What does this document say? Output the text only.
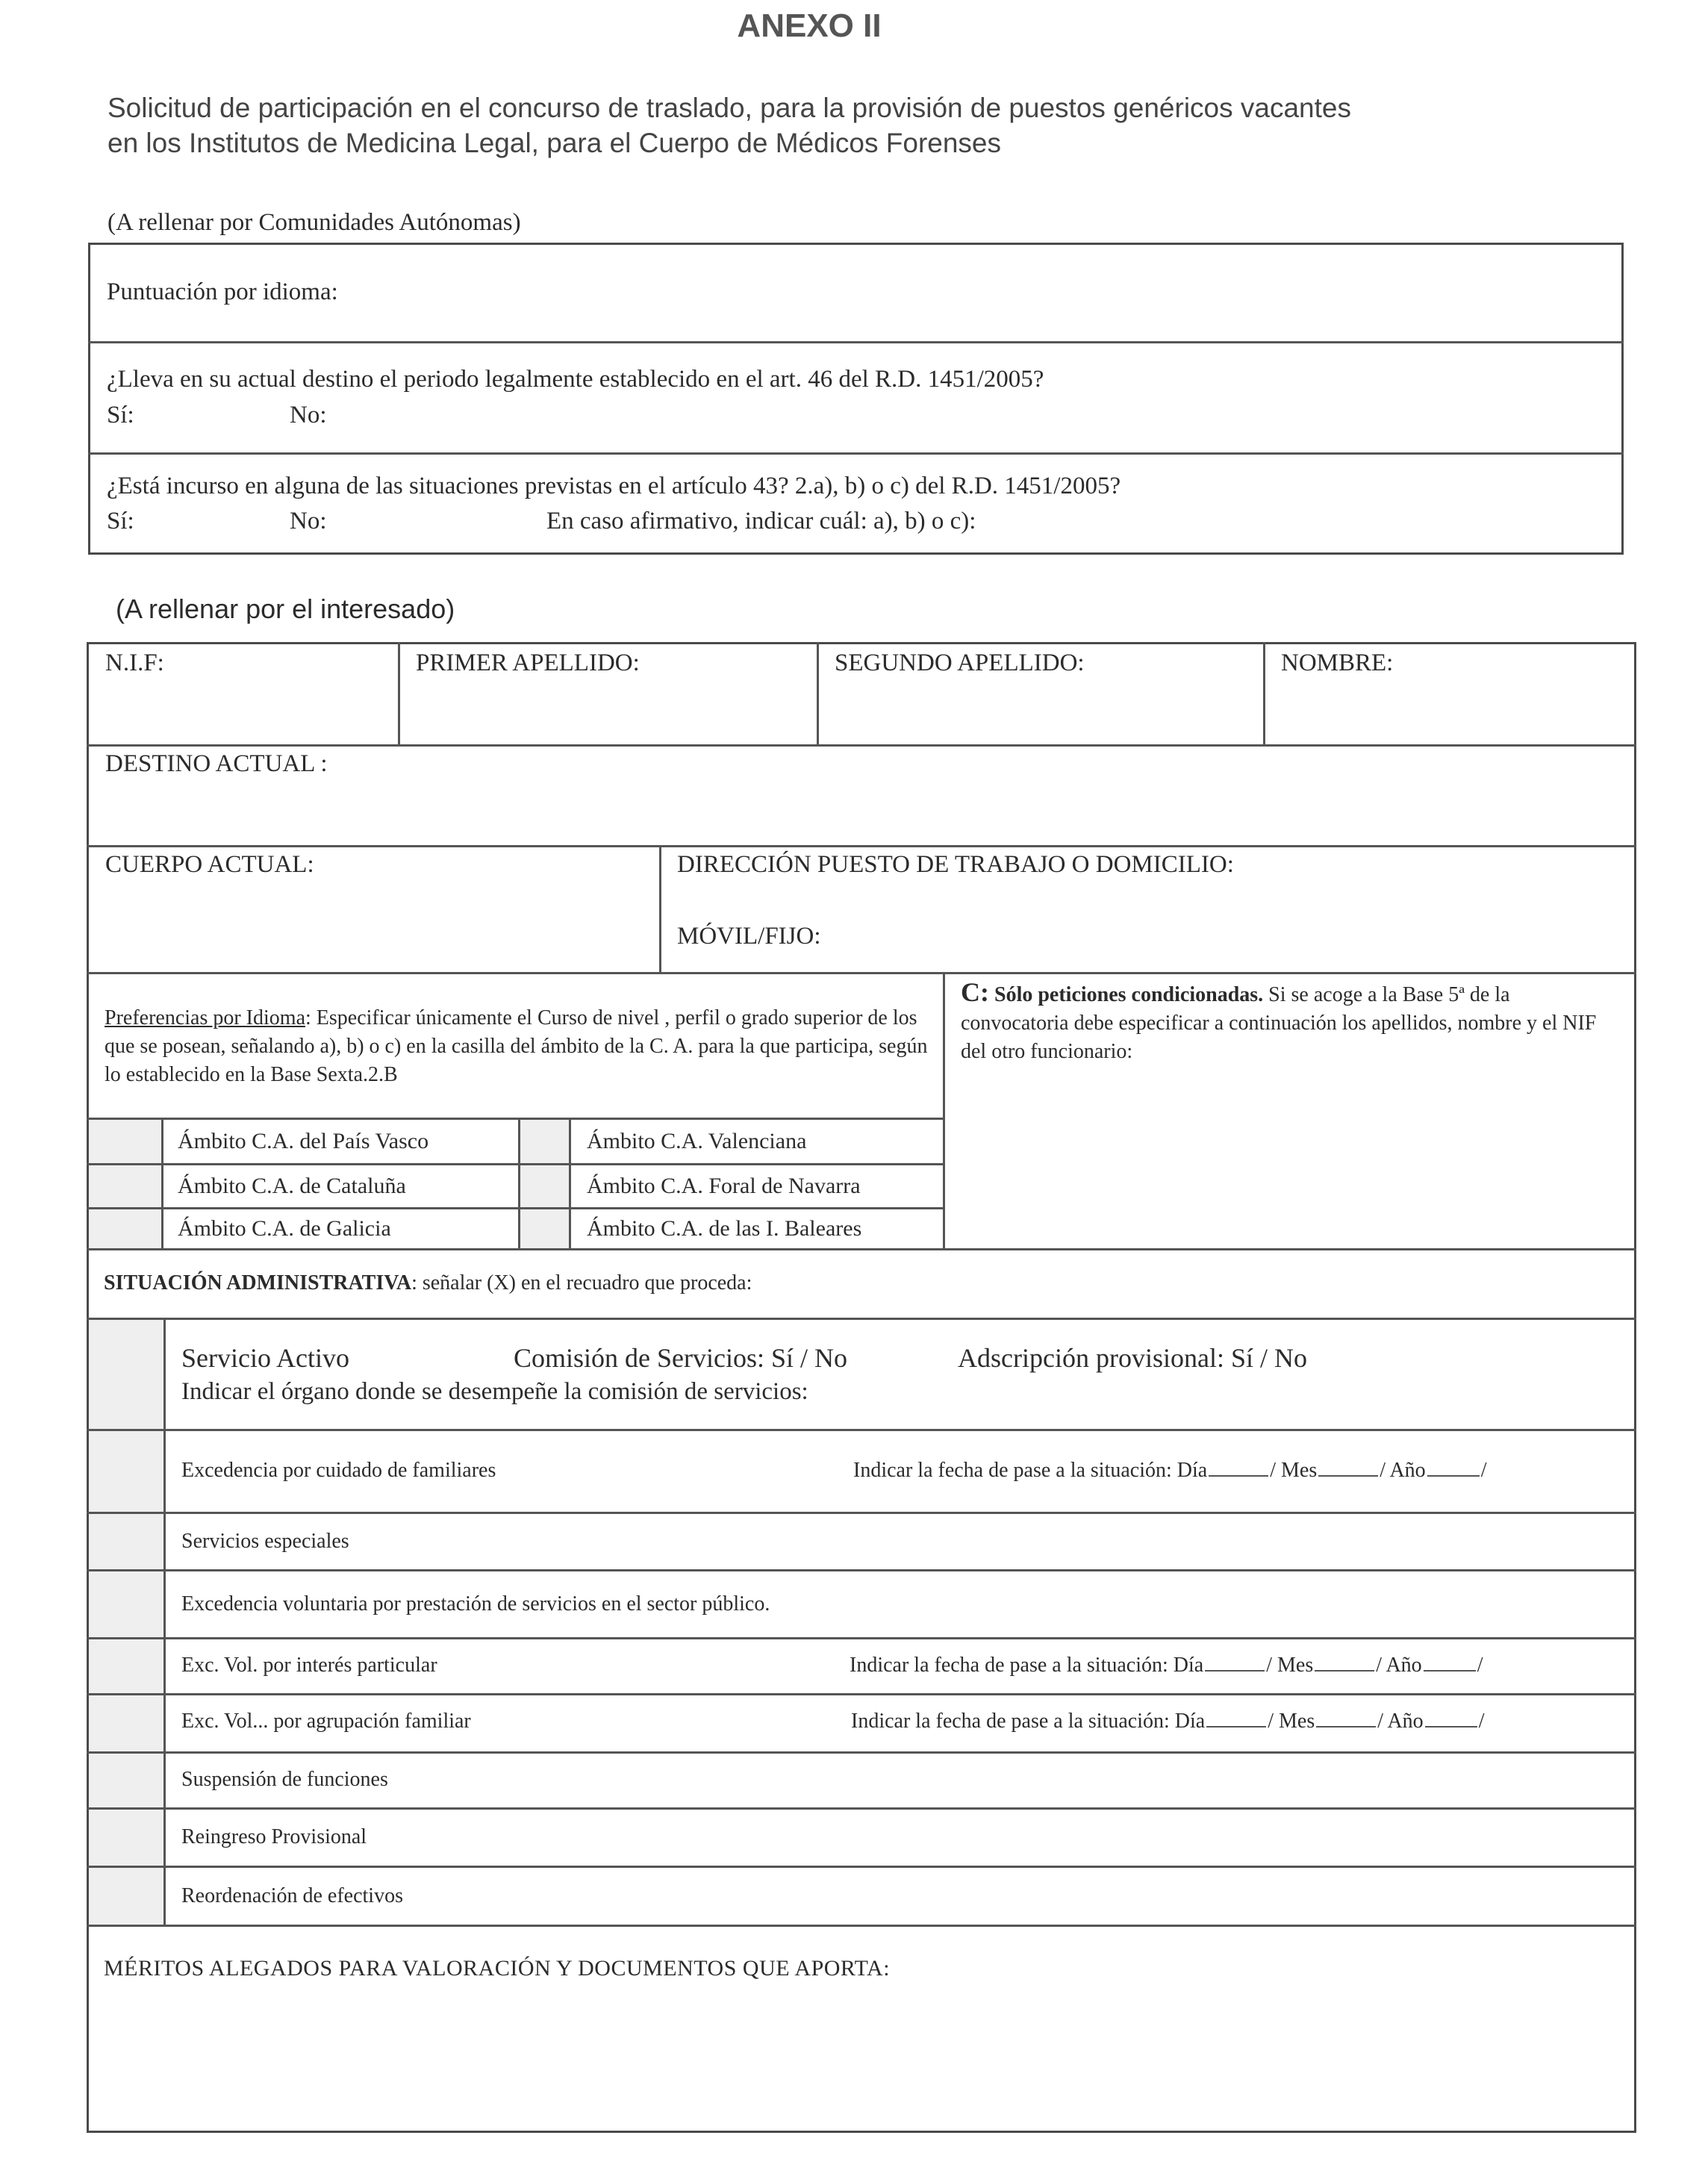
ANEXO II
Solicitud de participación en el concurso de traslado, para la provisión de puestos genéricos vacantes
en los Institutos de Medicina Legal, para el Cuerpo de Médicos Forenses
(A rellenar por Comunidades Autónomas)
Puntuación por idioma:
¿Lleva en su actual destino el periodo legalmente establecido en el art. 46 del R.D. 1451/2005?
Sí:	No:
¿Está incurso en alguna de las situaciones previstas en el artículo 43? 2.a), b) o c) del R.D. 1451/2005?
Sí:	No:	En caso afirmativo, indicar cuál: a), b) o c):
(A rellenar por el interesado)
N.I.F:	PRIMER APELLIDO:	SEGUNDO APELLIDO:	NOMBRE:
DESTINO ACTUAL :
CUERPO ACTUAL:	DIRECCIÓN PUESTO DE TRABAJO O DOMICILIO:
MÓVIL/FIJO:
Preferencias por Idioma: Especificar únicamente el Curso de nivel , perfil o grado superior de los que se posean, señalando a), b) o c) en la casilla del ámbito de la C. A. para la que participa, según lo establecido en la Base Sexta.2.B
C: Sólo peticiones condicionadas. Si se acoge a la Base 5ª de la convocatoria debe especificar a continuación los apellidos, nombre y el NIF del otro funcionario:
Ámbito C.A. del País Vasco	Ámbito C.A. Valenciana
Ámbito C.A. de Cataluña	Ámbito C.A. Foral de Navarra
Ámbito C.A. de Galicia	Ámbito C.A. de las I. Baleares
SITUACIÓN ADMINISTRATIVA: señalar (X) en el recuadro que proceda:
Servicio Activo	Comisión de Servicios: Sí / No	Adscripción provisional: Sí / No
Indicar el órgano donde se desempeñe la comisión de servicios:
Excedencia por cuidado de familiares	Indicar la fecha de pase a la situación: Día	/ Mes	/ Año	/
Servicios especiales
Excedencia voluntaria por prestación de servicios en el sector público.
Exc. Vol. por interés particular	Indicar la fecha de pase a la situación: Día	/ Mes	/ Año	/
Exc. Vol... por agrupación familiar	Indicar la fecha de pase a la situación: Día	/ Mes	/ Año	/
Suspensión de funciones
Reingreso Provisional
Reordenación de efectivos
MÉRITOS ALEGADOS PARA VALORACIÓN Y DOCUMENTOS QUE APORTA:
